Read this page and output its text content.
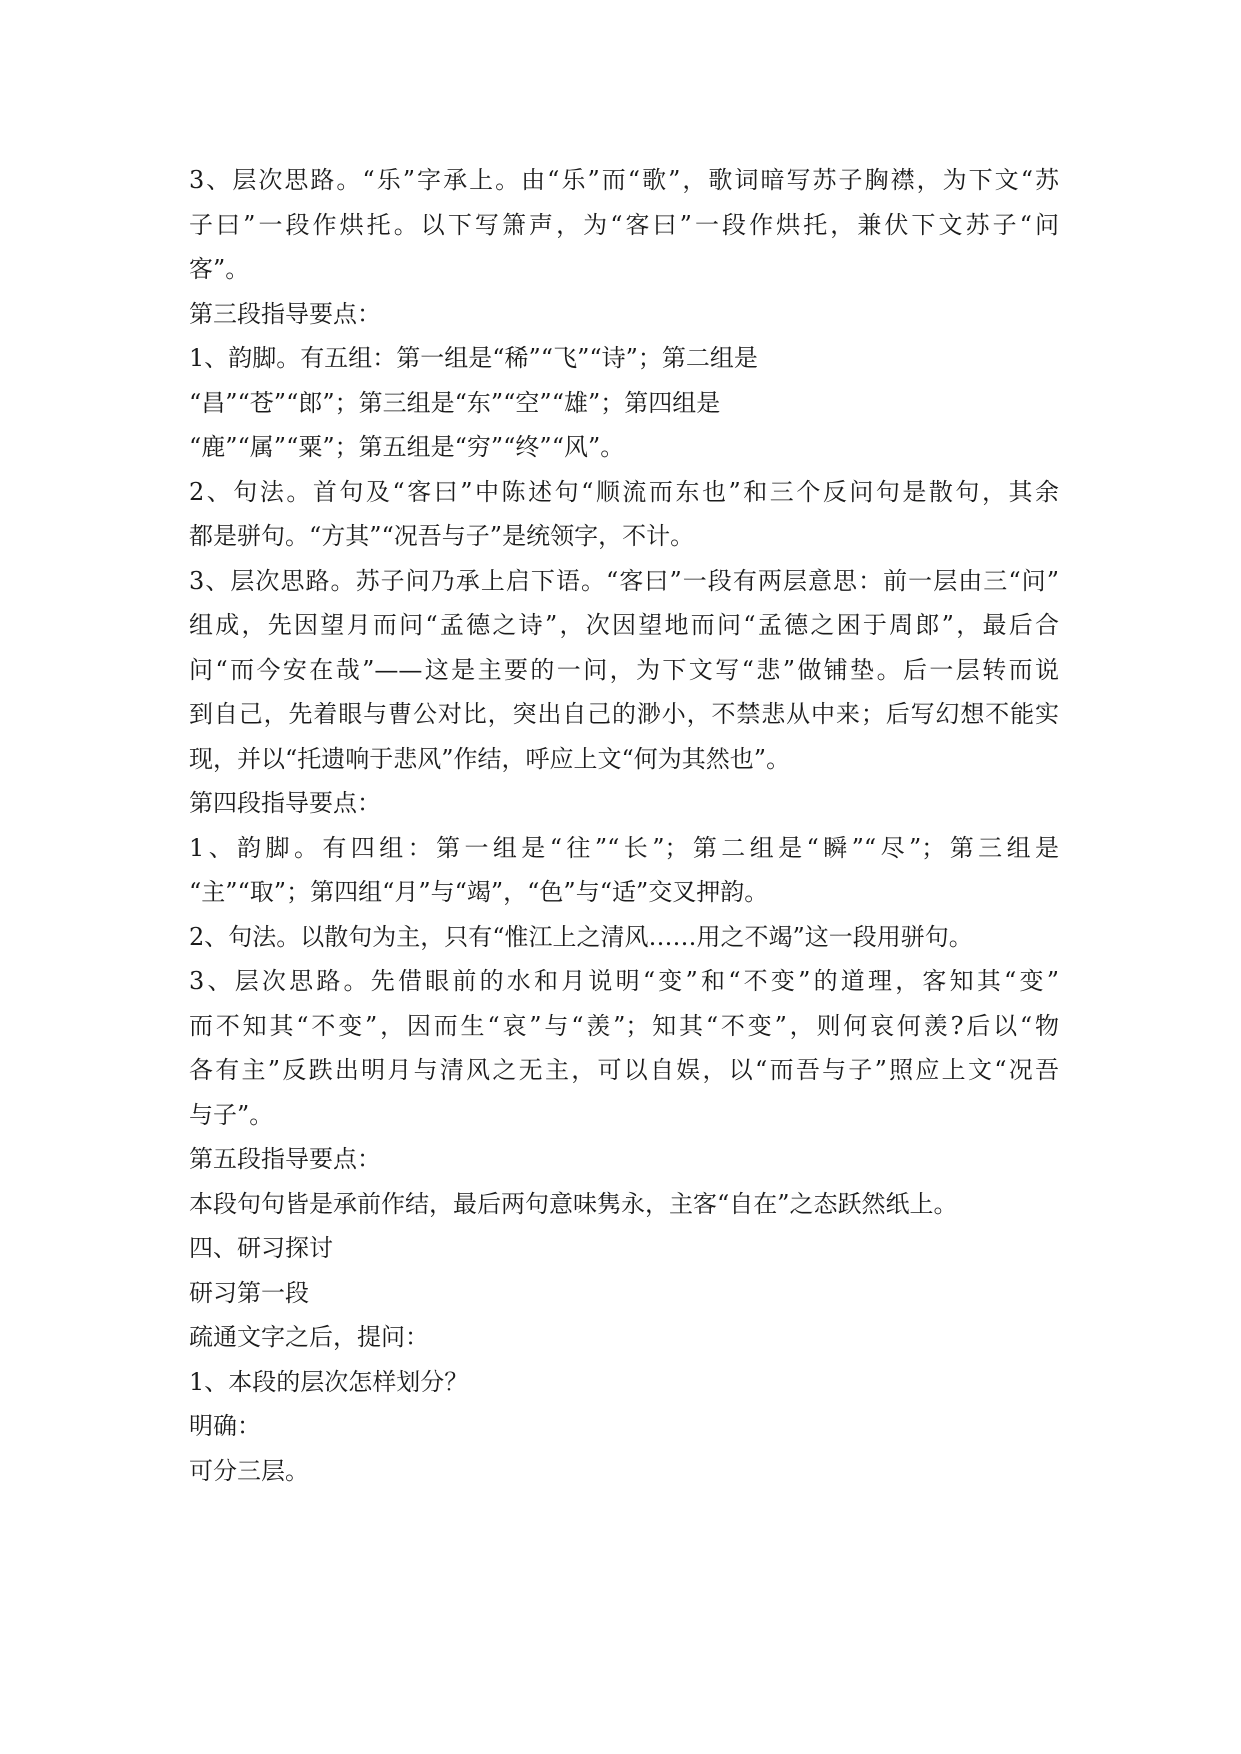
3、层次思路。“乐”字承上。由“乐”而“歌”，歌词暗写苏子胸襟，为下文“苏
子曰”一段作烘托。以下写箫声，为“客曰”一段作烘托，兼伏下文苏子“问
客”。
第三段指导要点：
1、韵脚。有五组：第一组是“稀”“飞”“诗”；第二组是
“昌”“苍”“郎”；第三组是“东”“空”“雄”；第四组是
“鹿”“属”“粟”；第五组是“穷”“终”“风”。
2、句法。首句及“客曰”中陈述句“顺流而东也”和三个反问句是散句，其余
都是骈句。“方其”“况吾与子”是统领字，不计。
3、层次思路。苏子问乃承上启下语。“客曰”一段有两层意思：前一层由三“问”
组成，先因望月而问“孟德之诗”，次因望地而问“孟德之困于周郎”，最后合
问“而今安在哉”——这是主要的一问，为下文写“悲”做铺垫。后一层转而说
到自己，先着眼与曹公对比，突出自己的渺小，不禁悲从中来；后写幻想不能实
现，并以“托遗响于悲风”作结，呼应上文“何为其然也”。
第四段指导要点：
1、韵脚。有四组：第一组是“往”“长”；第二组是“瞬”“尽”；第三组是
“主”“取”；第四组“月”与“竭”，“色”与“适”交叉押韵。
2、句法。以散句为主，只有“惟江上之清风……用之不竭”这一段用骈句。
3、层次思路。先借眼前的水和月说明“变”和“不变”的道理，客知其“变”
而不知其“不变”，因而生“哀”与“羡”；知其“不变”，则何哀何羡?后以“物
各有主”反跌出明月与清风之无主，可以自娱，以“而吾与子”照应上文“况吾
与子”。
第五段指导要点：
本段句句皆是承前作结，最后两句意味隽永，主客“自在”之态跃然纸上。
四、研习探讨
研习第一段
疏通文字之后，提问：
1、本段的层次怎样划分？
明确：
可分三层。
